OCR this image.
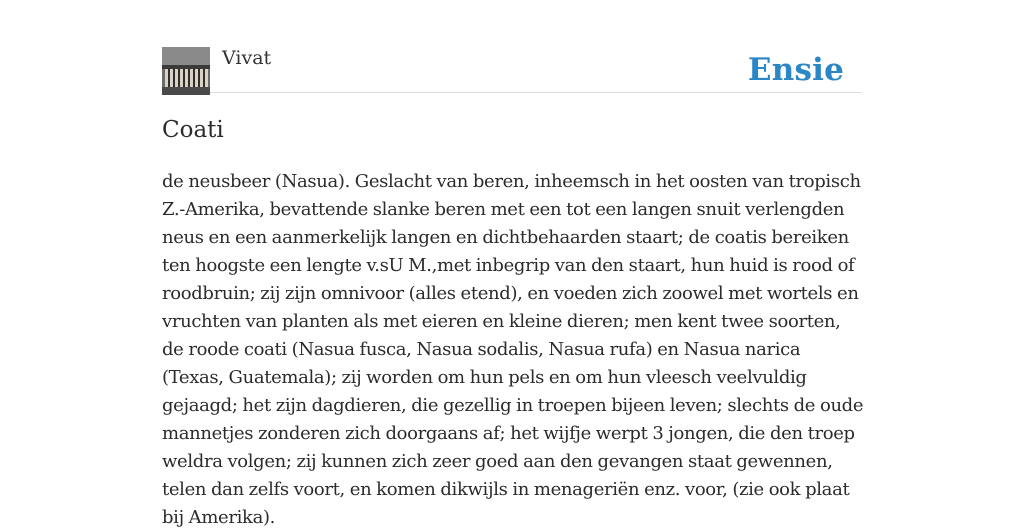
Vivat	Ensie
Coati

de neusbeer (Nasua). Geslacht van beren, inheemsch in het oosten van tropisch Z.-Amerika, bevattende slanke beren met een tot een langen snuit verlengden neus en een aanmerkelijk langen en dichtbehaarden staart; de coatis bereiken ten hoogste een lengte v.sU M.,met inbegrip van den staart, hun huid is rood of roodbruin; zij zijn omnivoor (alles etend), en voeden zich zoowel met wortels en vruchten van planten als met eieren en kleine dieren; men kent twee soorten, de roode coati (Nasua fusca, Nasua sodalis, Nasua rufa) en Nasua narica (Texas, Guatemala); zij worden om hun pels en om hun vleesch veelvuldig gejaagd; het zijn dagdieren, die gezellig in troepen bijeen leven; slechts de oude mannetjes zonderen zich doorgaans af; het wijfje werpt 3 jongen, die den troep weldra volgen; zij kunnen zich zeer goed aan den gevangen staat gewennen, telen dan zelfs voort, en komen dikwijls in menageriën enz. voor, (zie ook plaat bij Amerika).
